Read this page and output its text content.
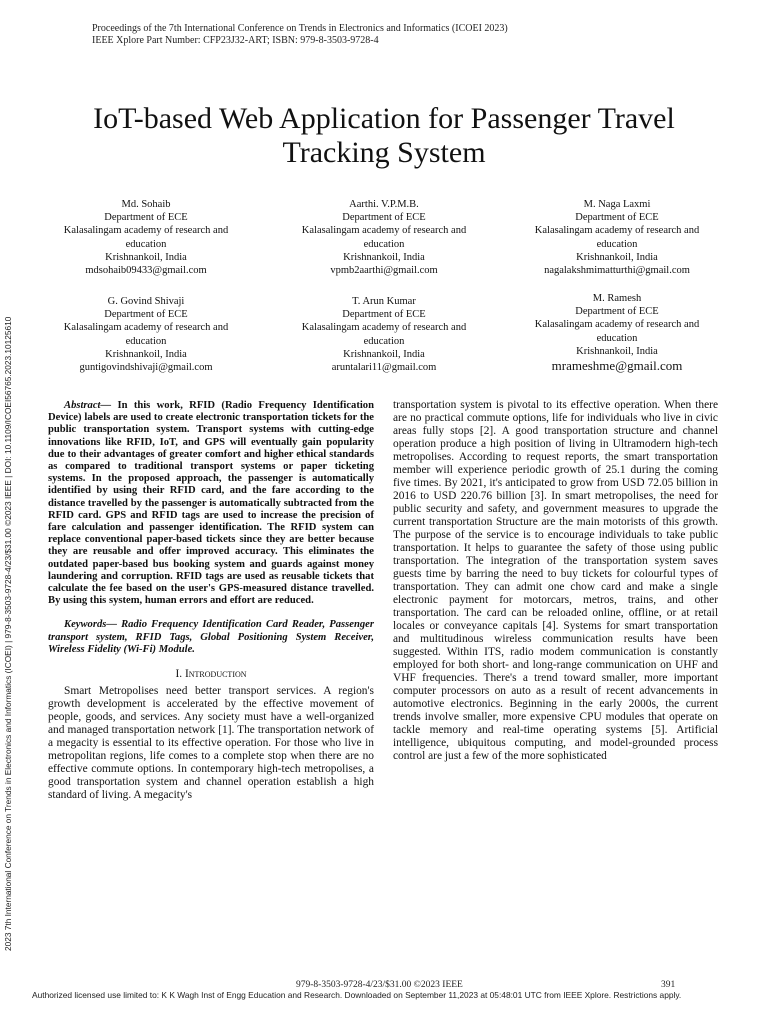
Proceedings of the 7th International Conference on Trends in Electronics and Informatics (ICOEI 2023)
IEEE Xplore Part Number: CFP23J32-ART; ISBN: 979-8-3503-9728-4
2023 7th International Conference on Trends in Electronics and Informatics (ICOEI) | 979-8-3503-9728-4/23/$31.00 ©2023 IEEE | DOI: 10.1109/ICOEI56765.2023.10125610
IoT-based Web Application for Passenger Travel
Tracking System
Md. Sohaib
Department of ECE
Kalasalingam academy of research and
education
Krishnankoil, India
mdsohaib09433@gmail.com
Aarthi. V.P.M.B.
Department of ECE
Kalasalingam academy of research and
education
Krishnankoil, India
vpmb2aarthi@gmail.com
M. Naga Laxmi
Department of ECE
Kalasalingam academy of research and
education
Krishnankoil, India
nagalakshmimatturthi@gmail.com
G. Govind Shivaji
Department of ECE
Kalasalingam academy of research and
education
Krishnankoil, India
guntigovindshivaji@gmail.com
T. Arun Kumar
Department of ECE
Kalasalingam academy of research and
education
Krishnankoil, India
aruntalari11@gmail.com
M. Ramesh
Department of ECE
Kalasalingam academy of research and
education
Krishnankoil, India
mrameshme@gmail.com

Abstract— In this work, RFID (Radio Frequency Identification Device) labels are used to create electronic transportation tickets for the public transportation system. Transport systems with cutting-edge innovations like RFID, IoT, and GPS will eventually gain popularity due to their advantages of greater comfort and higher ethical standards as compared to traditional transport systems or paper ticketing systems. In the proposed approach, the passenger is automatically identified by using their RFID card, and the fare according to the distance travelled by the passenger is automatically subtracted from the RFID card. GPS and RFID tags are used to increase the precision of fare calculation and passenger identification. The RFID system can replace conventional paper-based tickets since they are better because they are reusable and offer improved accuracy. This eliminates the outdated paper-based bus booking system and guards against money laundering and corruption. RFID tags are used as reusable tickets that calculate the fee based on the user's GPS-measured distance travelled. By using this system, human errors and effort are reduced.

Keywords— Radio Frequency Identification Card Reader, Passenger transport system, RFID Tags, Global Positioning System Receiver, Wireless Fidelity (Wi-Fi) Module.

I. Introduction

Smart Metropolises need better transport services. A region's growth development is accelerated by the effective movement of people, goods, and services. Any society must have a well-organized and managed transportation network [1]. The transportation network of a megacity is essential to its effective operation. For those who live in metropolitan regions, life comes to a complete stop when there are no effective commute options. In contemporary high-tech metropolises, a good transportation system and channel operation establish a high standard of living. A megacity's

transportation system is pivotal to its effective operation. When there are no practical commute options, life for individuals who live in civic areas fully stops [2]. A good transportation structure and channel operation produce a high position of living in Ultramodern high-tech metropolises. According to request reports, the smart transportation member will experience periodic growth of 25.1 during the coming five times. By 2021, it's anticipated to grow from USD 72.05 billion in 2016 to USD 220.76 billion [3]. In smart metropolises, the need for public security and safety, and government measures to upgrade the current transportation Structure are the main motorists of this growth. The purpose of the service is to encourage individuals to take public transportation. It helps to guarantee the safety of those using public transportation. The integration of the transportation system saves guests time by barring the need to buy tickets for colourful types of transportation. They can admit one chow card and make a single electronic payment for motorcars, metros, trains, and other transportation. The card can be reloaded online, offline, or at retail locales or conveyance capitals [4]. Systems for smart transportation and multitudinous wireless communication results have been suggested. Within ITS, radio modem communication is constantly employed for both short- and long-range communication on UHF and VHF frequencies. There's a trend toward smaller, more important computer processors on auto as a result of recent advancements in automotive electronics. Beginning in the early 2000s, the current trends involve smaller, more expensive CPU modules that operate on tackle memory and real-time operating systems [5]. Artificial intelligence, ubiquitous computing, and model-grounded process control are just a few of the more sophisticated

979-8-3503-9728-4/23/$31.00 ©2023 IEEE	391
Authorized licensed use limited to: K K Wagh Inst of Engg Education and Research. Downloaded on September 11,2023 at 05:48:01 UTC from IEEE Xplore. Restrictions apply.
